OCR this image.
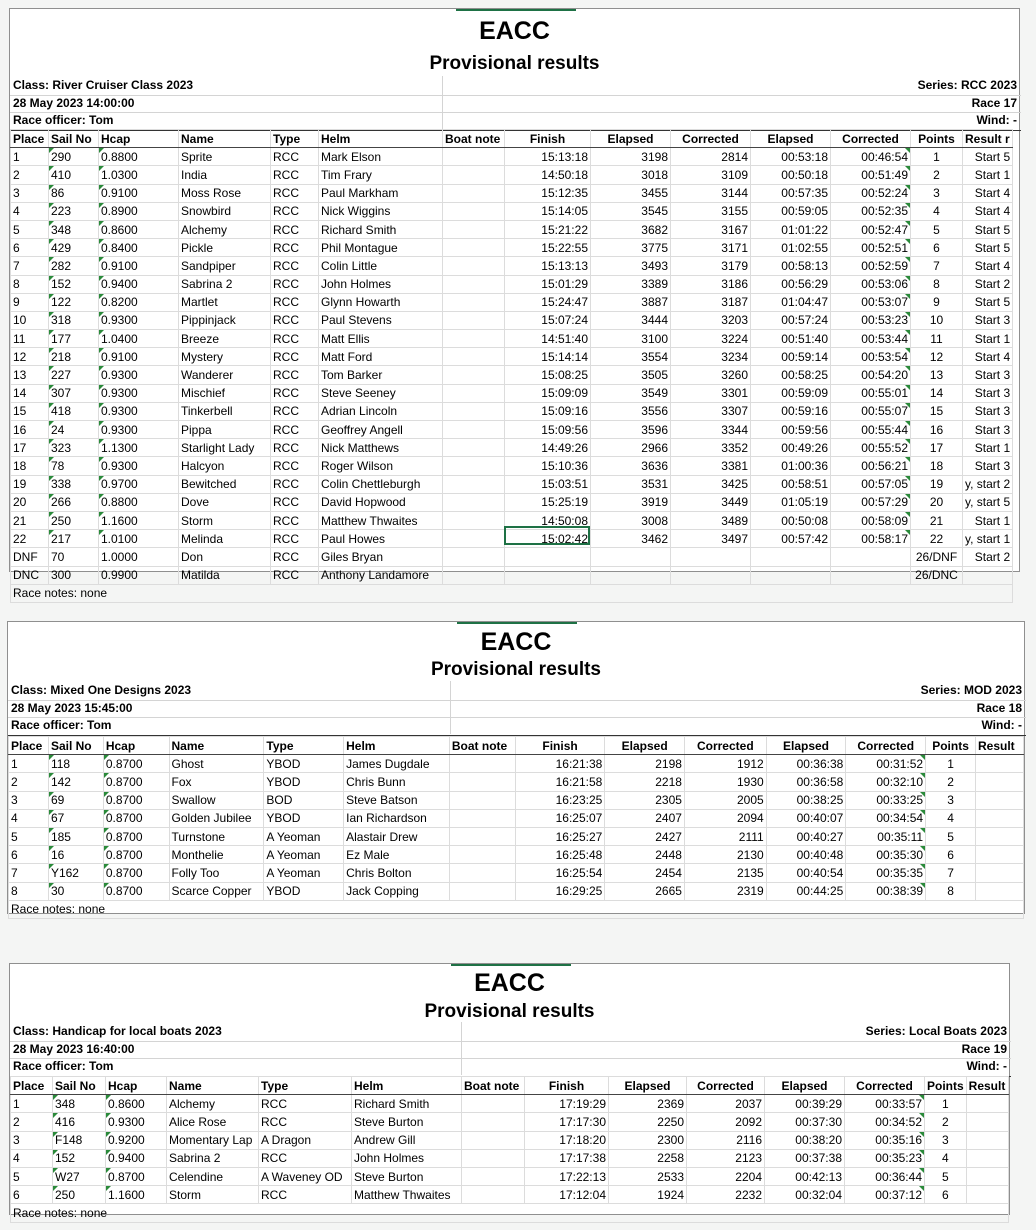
EACC
Provisional results
Class: River Cruiser Class 2023
28 May 2023 14:00:00
Race officer: Tom
Series: RCC 2023
Race 17
Wind: -
Place	Sail No	Hcap	Name	Type	Helm	Boat note	Finish	Elapsed	Corrected	Elapsed	Corrected	Points	Result r
1	290	0.8800	Sprite	RCC	Mark Elson		15:13:18	3198	2814	00:53:18	00:46:54	1	Start 5
2	410	1.0300	India	RCC	Tim Frary		14:50:18	3018	3109	00:50:18	00:51:49	2	Start 1
3	86	0.9100	Moss Rose	RCC	Paul Markham		15:12:35	3455	3144	00:57:35	00:52:24	3	Start 4
4	223	0.8900	Snowbird	RCC	Nick Wiggins		15:14:05	3545	3155	00:59:05	00:52:35	4	Start 4
5	348	0.8600	Alchemy	RCC	Richard Smith		15:21:22	3682	3167	01:01:22	00:52:47	5	Start 5
6	429	0.8400	Pickle	RCC	Phil Montague		15:22:55	3775	3171	01:02:55	00:52:51	6	Start 5
7	282	0.9100	Sandpiper	RCC	Colin Little		15:13:13	3493	3179	00:58:13	00:52:59	7	Start 4
8	152	0.9400	Sabrina 2	RCC	John Holmes		15:01:29	3389	3186	00:56:29	00:53:06	8	Start 2
9	122	0.8200	Martlet	RCC	Glynn Howarth		15:24:47	3887	3187	01:04:47	00:53:07	9	Start 5
10	318	0.9300	Pippinjack	RCC	Paul Stevens		15:07:24	3444	3203	00:57:24	00:53:23	10	Start 3
11	177	1.0400	Breeze	RCC	Matt Ellis		14:51:40	3100	3224	00:51:40	00:53:44	11	Start 1
12	218	0.9100	Mystery	RCC	Matt Ford		15:14:14	3554	3234	00:59:14	00:53:54	12	Start 4
13	227	0.9300	Wanderer	RCC	Tom Barker		15:08:25	3505	3260	00:58:25	00:54:20	13	Start 3
14	307	0.9300	Mischief	RCC	Steve Seeney		15:09:09	3549	3301	00:59:09	00:55:01	14	Start 3
15	418	0.9300	Tinkerbell	RCC	Adrian Lincoln		15:09:16	3556	3307	00:59:16	00:55:07	15	Start 3
16	24	0.9300	Pippa	RCC	Geoffrey Angell		15:09:56	3596	3344	00:59:56	00:55:44	16	Start 3
17	323	1.1300	Starlight Lady	RCC	Nick Matthews		14:49:26	2966	3352	00:49:26	00:55:52	17	Start 1
18	78	0.9300	Halcyon	RCC	Roger Wilson		15:10:36	3636	3381	01:00:36	00:56:21	18	Start 3
19	338	0.9700	Bewitched	RCC	Colin Chettleburgh		15:03:51	3531	3425	00:58:51	00:57:05	19	y, start 2
20	266	0.8800	Dove	RCC	David Hopwood		15:25:19	3919	3449	01:05:19	00:57:29	20	y, start 5
21	250	1.1600	Storm	RCC	Matthew Thwaites		14:50:08	3008	3489	00:50:08	00:58:09	21	Start 1
22	217	1.0100	Melinda	RCC	Paul Howes		15:02:42	3462	3497	00:57:42	00:58:17	22	y, start 1
DNF	70	1.0000	Don	RCC	Giles Bryan							26/DNF	Start 2
DNC	300	0.9900	Matilda	RCC	Anthony Landamore							26/DNC	
Race notes: none													
EACC
Provisional results
Class: Mixed One Designs 2023
28 May 2023 15:45:00
Race officer: Tom
Series: MOD 2023
Race 18
Wind: -
Place	Sail No	Hcap	Name	Type	Helm	Boat note	Finish	Elapsed	Corrected	Elapsed	Corrected	Points	Result
1	118	0.8700	Ghost	YBOD	James Dugdale		16:21:38	2198	1912	00:36:38	00:31:52	1	
2	142	0.8700	Fox	YBOD	Chris Bunn		16:21:58	2218	1930	00:36:58	00:32:10	2	
3	69	0.8700	Swallow	BOD	Steve Batson		16:23:25	2305	2005	00:38:25	00:33:25	3	
4	67	0.8700	Golden Jubilee	YBOD	Ian Richardson		16:25:07	2407	2094	00:40:07	00:34:54	4	
5	185	0.8700	Turnstone	A Yeoman	Alastair Drew		16:25:27	2427	2111	00:40:27	00:35:11	5	
6	16	0.8700	Monthelie	A Yeoman	Ez Male		16:25:48	2448	2130	00:40:48	00:35:30	6	
7	Y162	0.8700	Folly Too	A Yeoman	Chris Bolton		16:25:54	2454	2135	00:40:54	00:35:35	7	
8	30	0.8700	Scarce Copper	YBOD	Jack Copping		16:29:25	2665	2319	00:44:25	00:38:39	8	
Race notes: none													
EACC
Provisional results
Class: Handicap for local boats 2023
28 May 2023 16:40:00
Race officer: Tom
Series: Local Boats 2023
Race 19
Wind: -
Place	Sail No	Hcap	Name	Type	Helm	Boat note	Finish	Elapsed	Corrected	Elapsed	Corrected	Points	Result
1	348	0.8600	Alchemy	RCC	Richard Smith		17:19:29	2369	2037	00:39:29	00:33:57	1	
2	416	0.9300	Alice Rose	RCC	Steve Burton		17:17:30	2250	2092	00:37:30	00:34:52	2	
3	F148	0.9200	Momentary Lap	A Dragon	Andrew Gill		17:18:20	2300	2116	00:38:20	00:35:16	3	
4	152	0.9400	Sabrina 2	RCC	John Holmes		17:17:38	2258	2123	00:37:38	00:35:23	4	
5	W27	0.8700	Celendine	A Waveney OD	Steve Burton		17:22:13	2533	2204	00:42:13	00:36:44	5	
6	250	1.1600	Storm	RCC	Matthew Thwaites		17:12:04	1924	2232	00:32:04	00:37:12	6	
Race notes: none													
